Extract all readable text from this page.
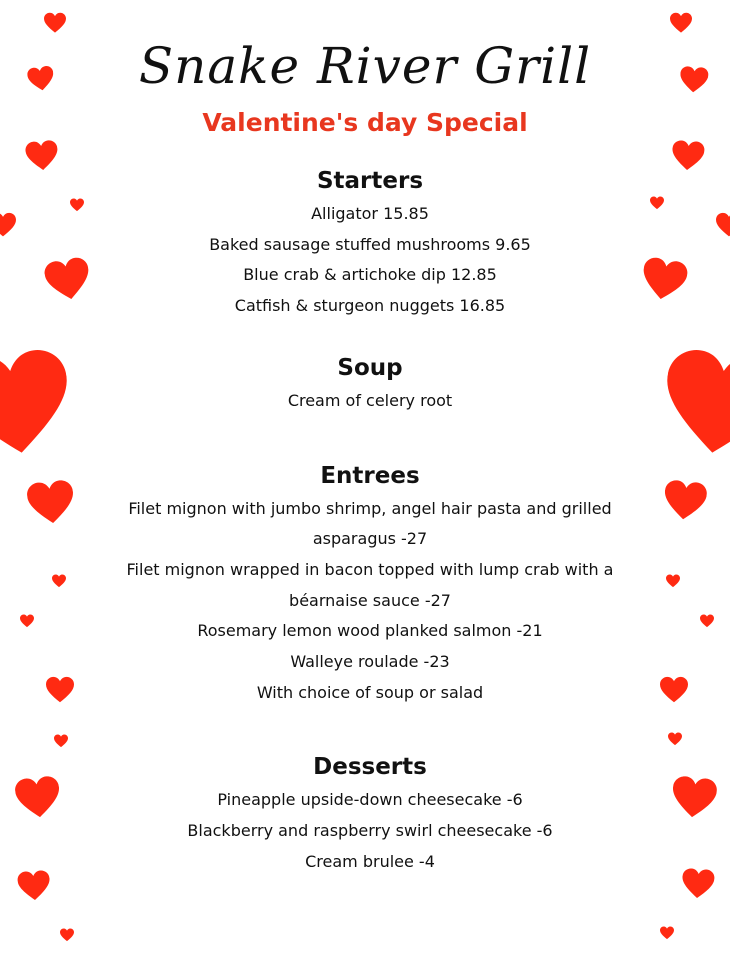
Snake River Grill
Valentine's day Special
Starters
Alligator 15.85
Baked sausage stuffed mushrooms 9.65
Blue crab & artichoke dip 12.85
Catfish & sturgeon nuggets 16.85
Soup
Cream of celery root
Entrees
Filet mignon with jumbo shrimp, angel hair pasta and grilled
asparagus -27
Filet mignon wrapped in bacon topped with lump crab with a
béarnaise sauce -27
Rosemary lemon wood planked salmon -21
Walleye roulade -23
With choice of soup or salad
Desserts
Pineapple upside-down cheesecake -6
Blackberry and raspberry swirl cheesecake -6
Cream brulee -4
